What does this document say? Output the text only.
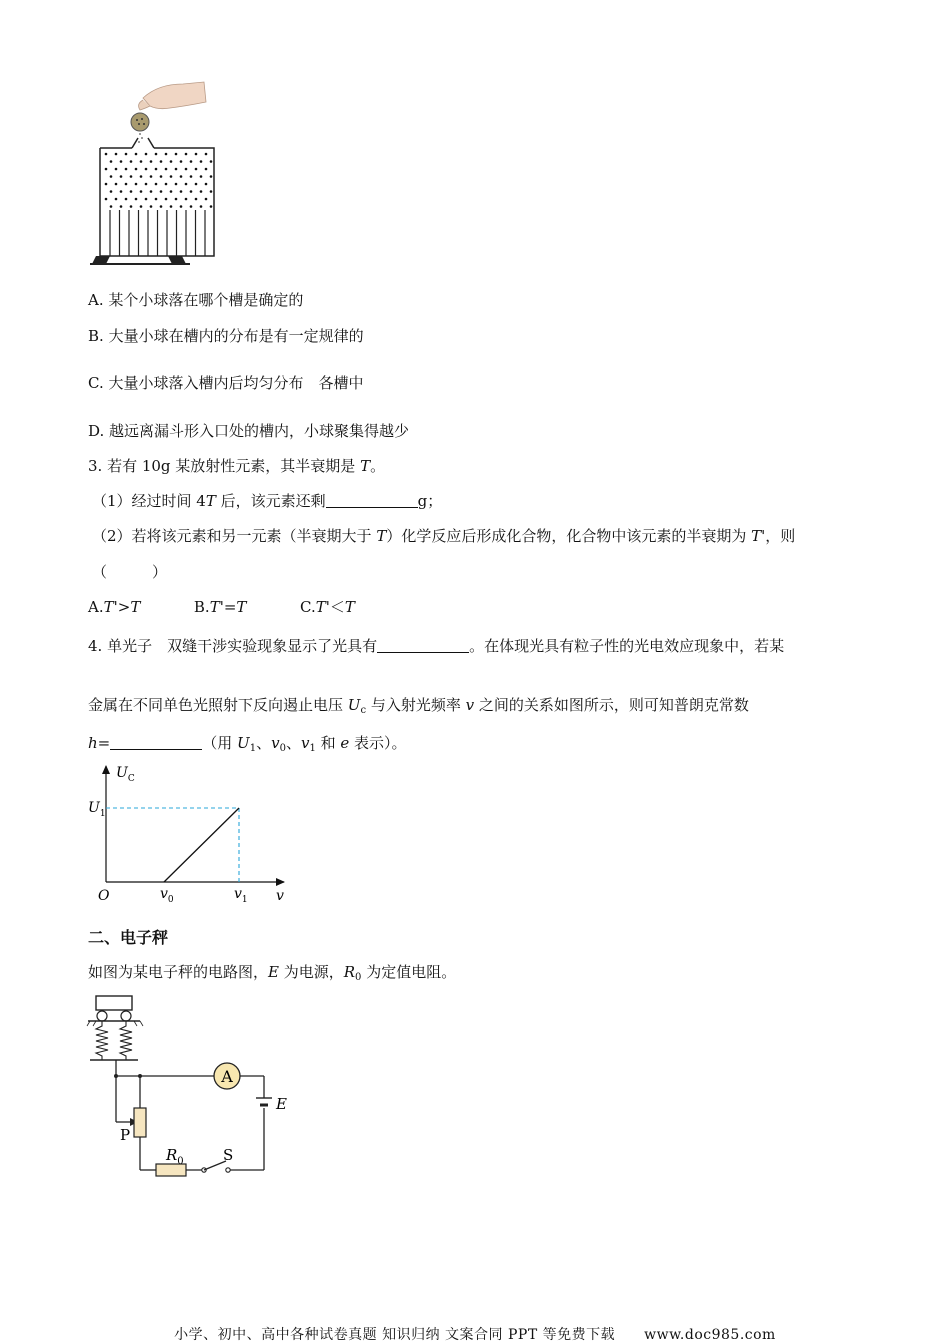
A. 某个小球落在哪个槽是确定的
B. 大量小球在槽内的分布是有一定规律的
C. 大量小球落入槽内后均匀分布　各槽中
D. 越远离漏斗形入口处的槽内，小球聚集得越少
3. 若有 10g 某放射性元素，其半衰期是 T。
（1）经过时间 4T 后，该元素还剩	g；
（2）若将该元素和另一元素（半衰期大于 T）化学反应后形成化合物，化合物中该元素的半衰期为 T'，则
（　　　）
A.T'>T	B.T'=T	C.T'＜T
4. 单光子　双缝干涉实验现象显示了光具有	。在体现光具有粒子性的光电效应现象中，若某
金属在不同单色光照射下反向遏止电压 $U_c$ 与入射光频率 v 之间的关系如图所示，则可知普朗克常数
h=	（用 $U_1$、$v_0$、$v_1$ 和 e 表示）。
$U_C$
$U_1$
O	$v_0$	$v_1$ v
二、电子秤
如图为某电子秤的电路图，E 为电源，$R_0$ 为定值电阻。
A
E
$R_0$	S
P
小学、初中、高中各种试卷真题 知识归纳 文案合同 PPT 等免费下载　　www.doc985.com
